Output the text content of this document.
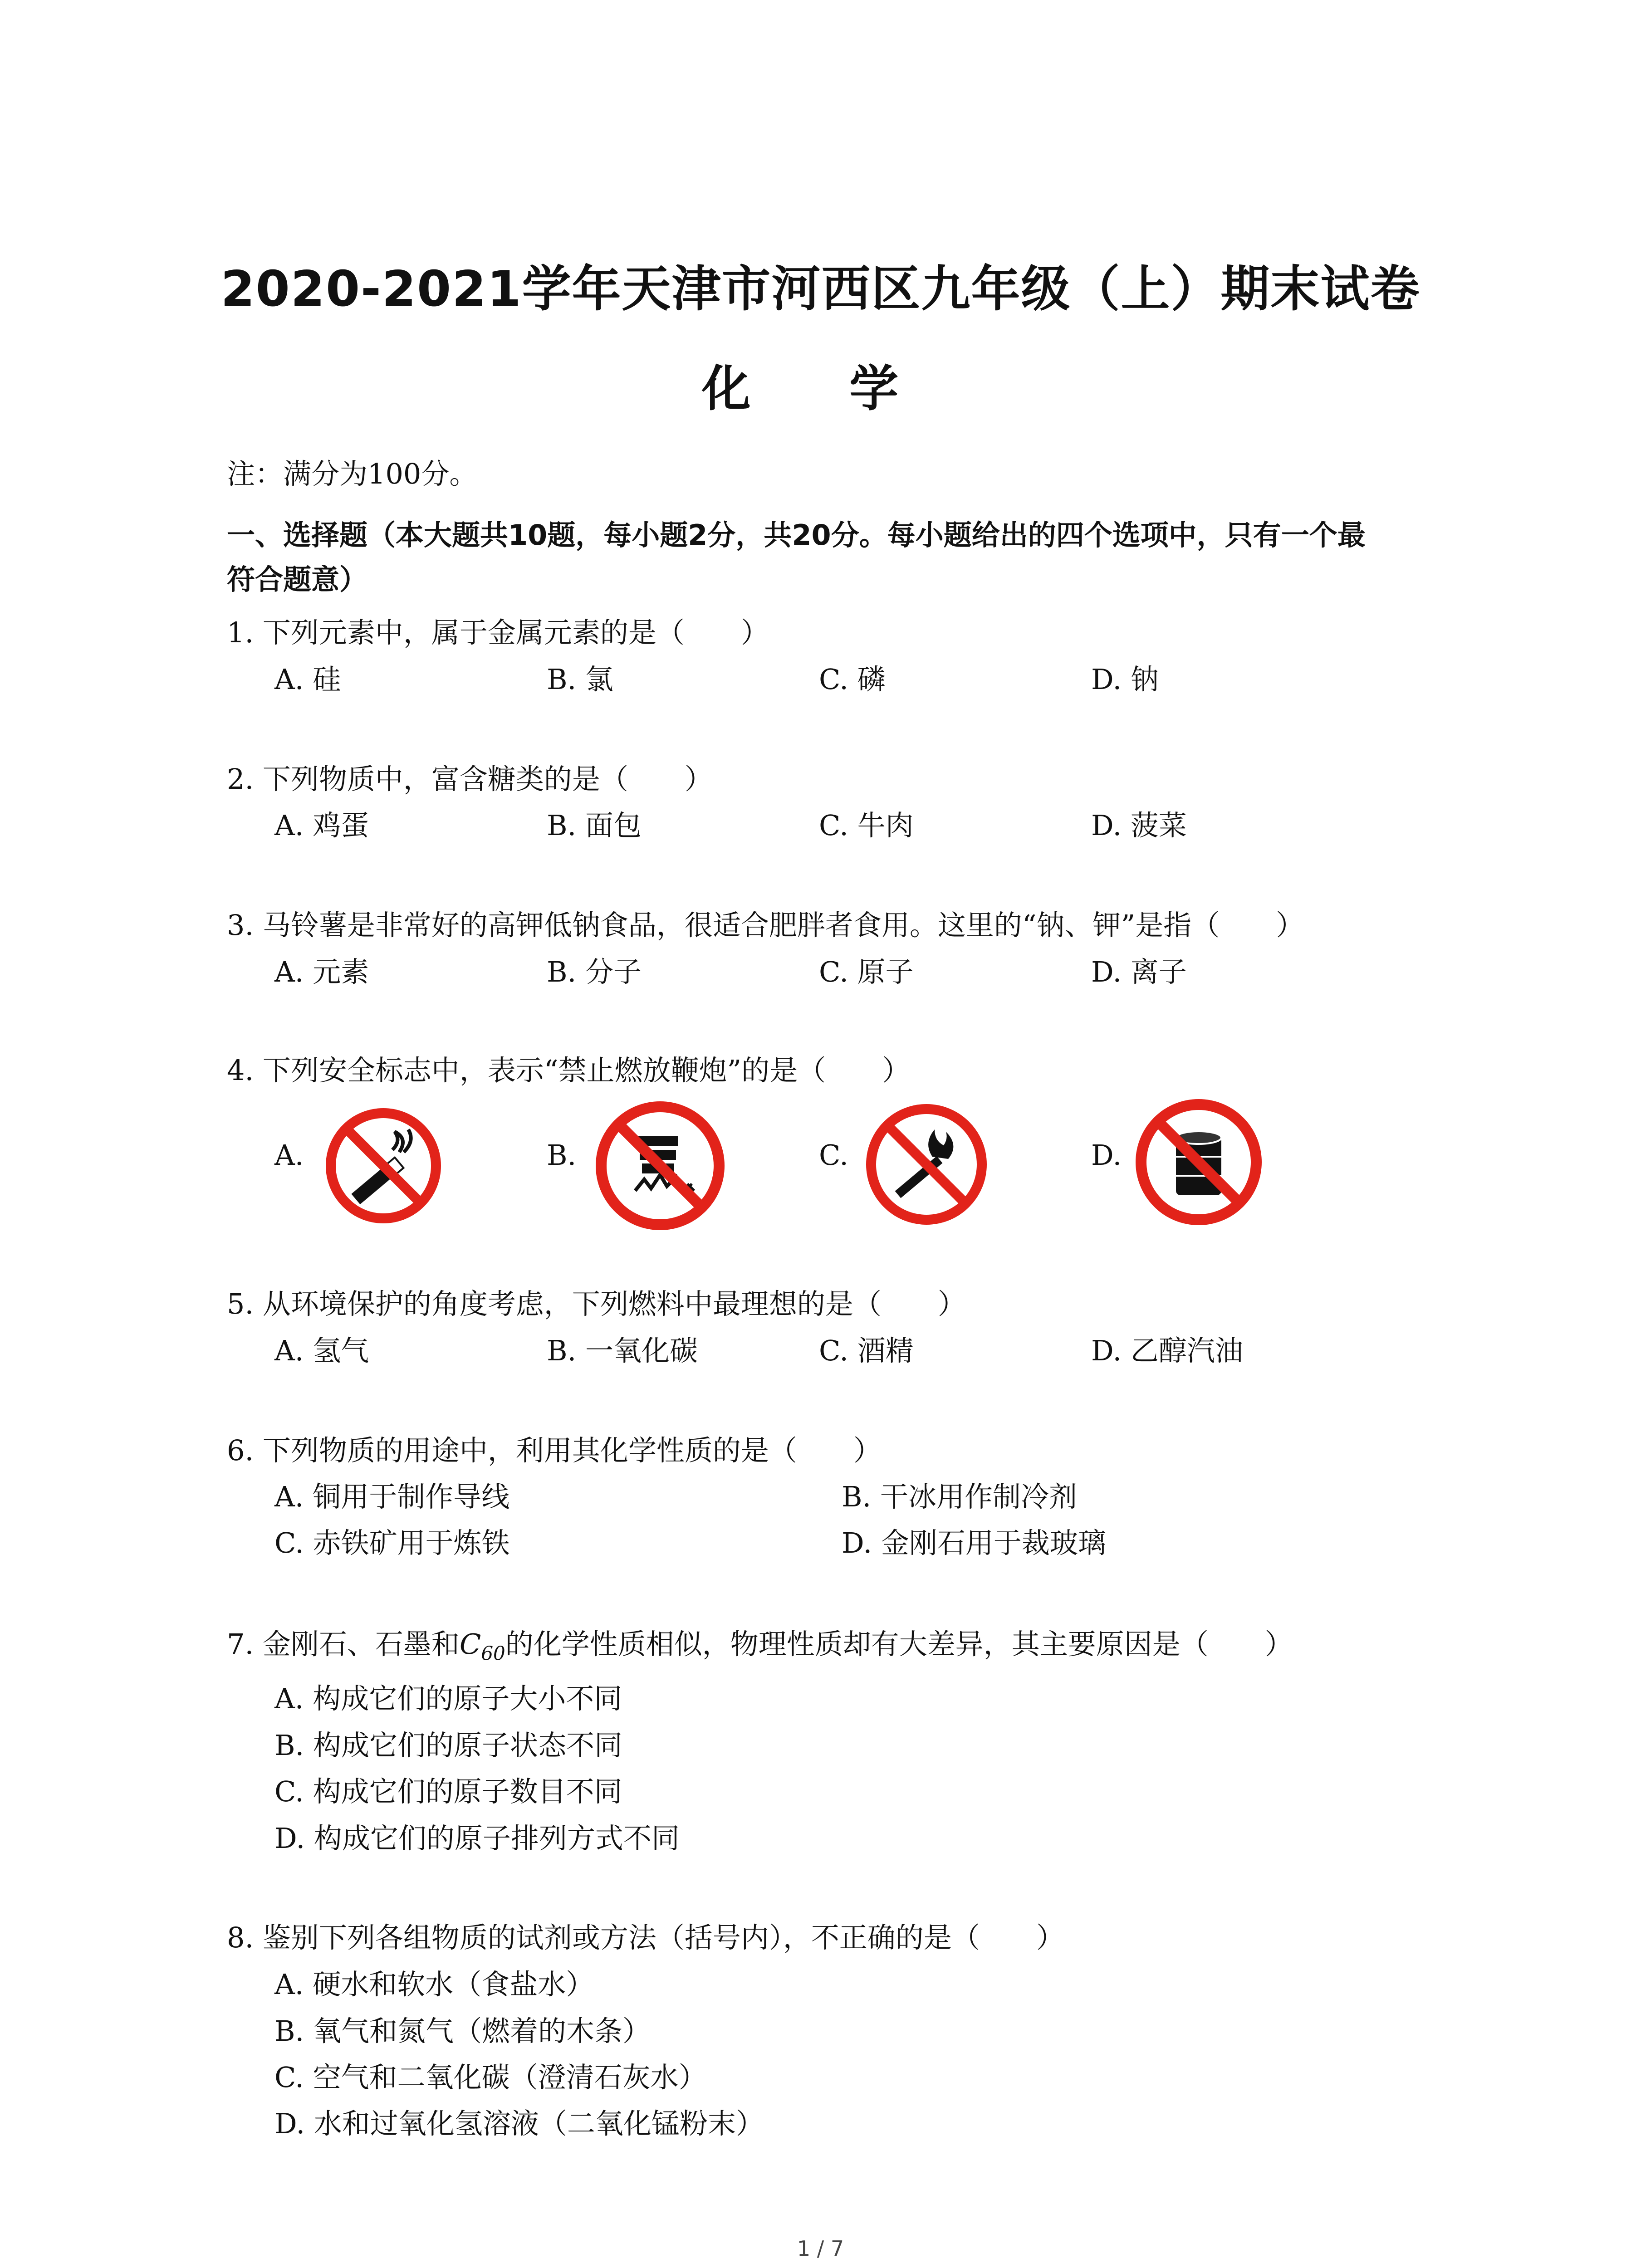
2020-2021学年天津市河西区九年级（上）期末试卷
化 学
注：满分为100分。
一、选择题（本大题共10题，每小题2分，共20分。每小题给出的四个选项中，只有一个最
符合题意）
1. 下列元素中，属于金属元素的是（　　）
A. 硅	B. 氯	C. 磷	D. 钠
2. 下列物质中，富含糖类的是（　　）
A. 鸡蛋	B. 面包	C. 牛肉	D. 菠菜
3. 马铃薯是非常好的高钾低钠食品，很适合肥胖者食用。这里的“钠、钾”是指（　　）
A. 元素	B. 分子	C. 原子	D. 离子
4. 下列安全标志中，表示“禁止燃放鞭炮”的是（　　）
A.	B.	C.	D.
5. 从环境保护的角度考虑，下列燃料中最理想的是（　　）
A. 氢气	B. 一氧化碳	C. 酒精	D. 乙醇汽油
6. 下列物质的用途中，利用其化学性质的是（　　）
A. 铜用于制作导线	B. 干冰用作制冷剂
C. 赤铁矿用于炼铁	D. 金刚石用于裁玻璃
7. 金刚石、石墨和$C_{60}$的化学性质相似，物理性质却有大差异，其主要原因是（　　）
A. 构成它们的原子大小不同
B. 构成它们的原子状态不同
C. 构成它们的原子数目不同
D. 构成它们的原子排列方式不同
8. 鉴别下列各组物质的试剂或方法（括号内），不正确的是（　　）
A. 硬水和软水（食盐水）
B. 氧气和氮气（燃着的木条）
C. 空气和二氧化碳（澄清石灰水）
D. 水和过氧化氢溶液（二氧化锰粉末）
1 / 7
